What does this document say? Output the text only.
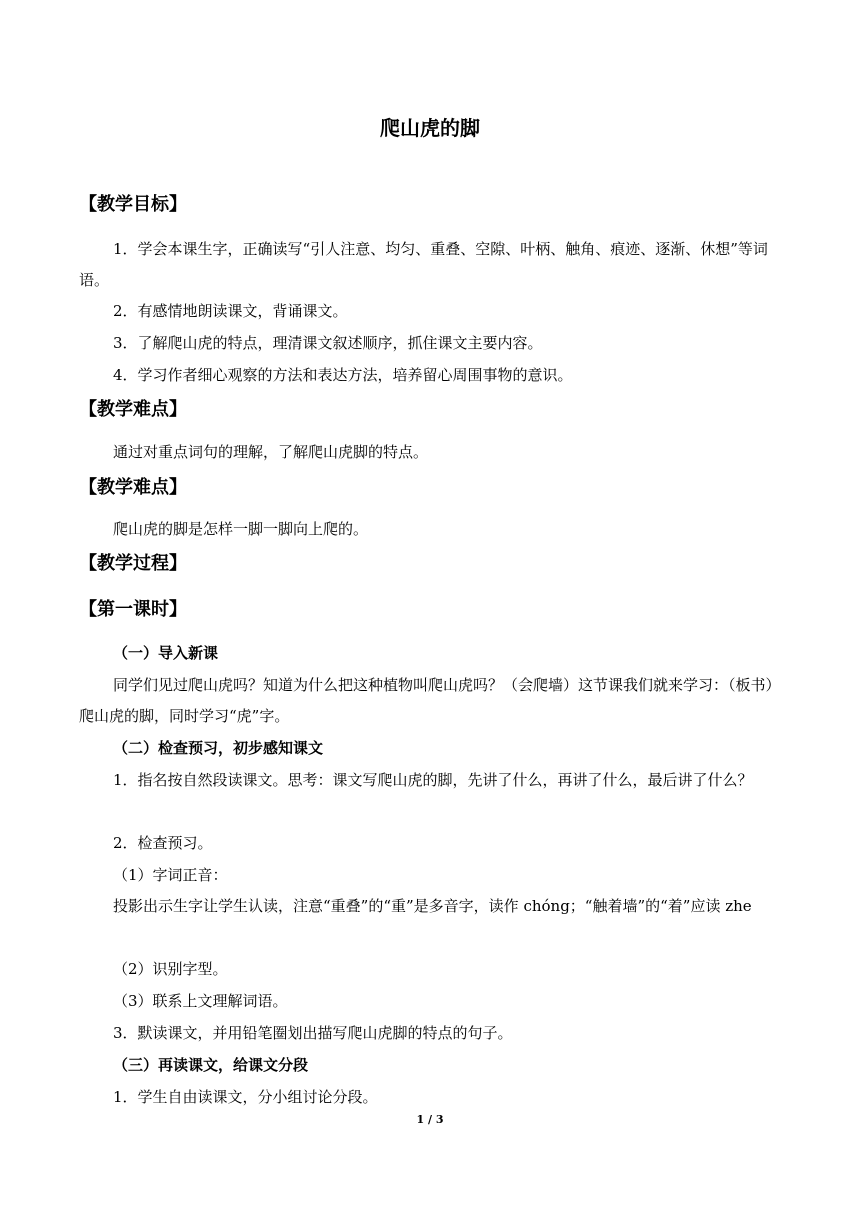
爬山虎的脚
【教学目标】
1．学会本课生字，正确读写“引人注意、均匀、重叠、空隙、叶柄、触角、痕迹、逐渐、休想”等词语。
2．有感情地朗读课文，背诵课文。
3．了解爬山虎的特点，理清课文叙述顺序，抓住课文主要内容。
4．学习作者细心观察的方法和表达方法，培养留心周围事物的意识。
【教学难点】
通过对重点词句的理解，了解爬山虎脚的特点。
【教学难点】
爬山虎的脚是怎样一脚一脚向上爬的。
【教学过程】
【第一课时】
（一）导入新课
同学们见过爬山虎吗？知道为什么把这种植物叫爬山虎吗？（会爬墙）这节课我们就来学习：（板书）爬山虎的脚，同时学习“虎”字。
（二）检查预习，初步感知课文
1．指名按自然段读课文。思考：课文写爬山虎的脚，先讲了什么，再讲了什么，最后讲了什么？
2．检查预习。
（1）字词正音：
投影出示生字让学生认读，注意“重叠”的“重”是多音字，读作 chóng；“触着墙”的“着”应读 zhe
（2）识别字型。
（3）联系上文理解词语。
3．默读课文，并用铅笔圈划出描写爬山虎脚的特点的句子。
（三）再读课文，给课文分段
1．学生自由读课文，分小组讨论分段。
1 / 3
